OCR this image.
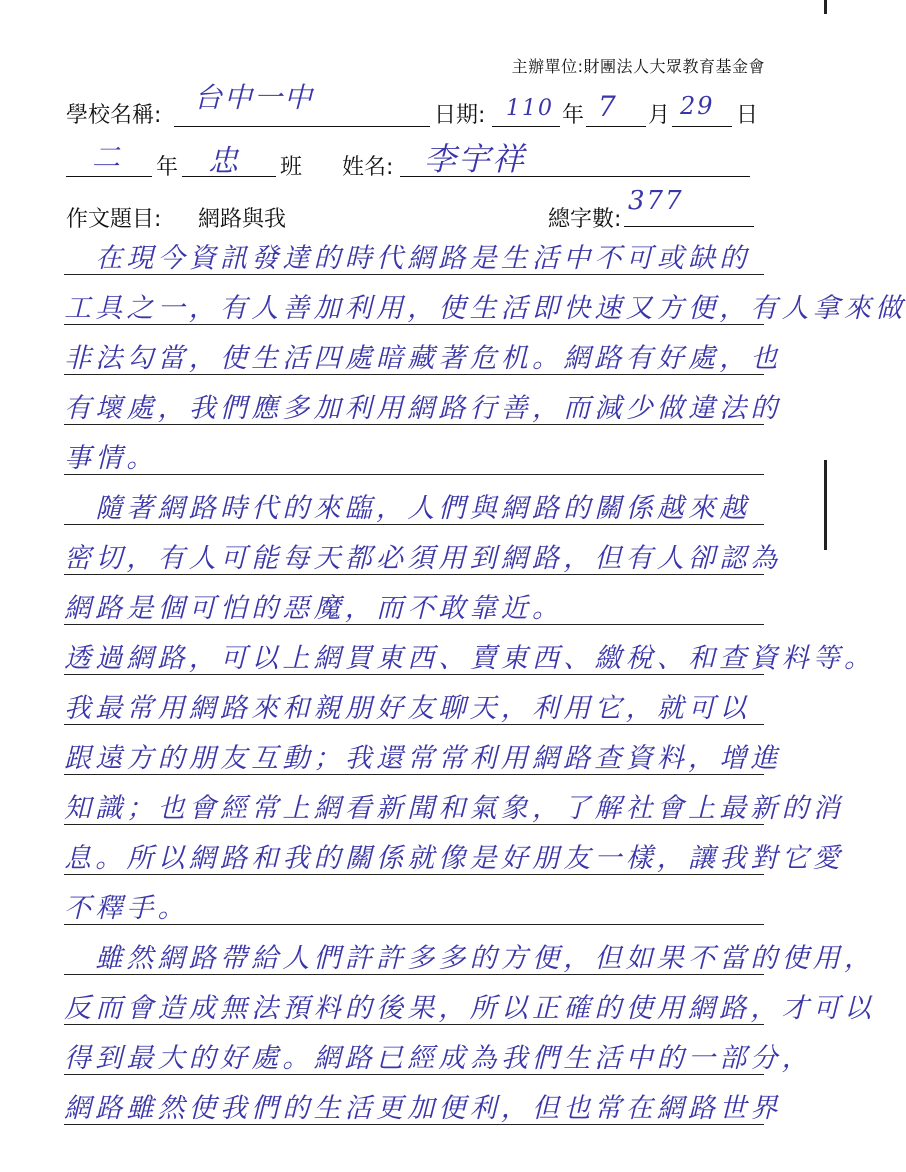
主辦單位:財團法人大眾教育基金會
學校名稱:
台中一中
日期: 110 年 7 月 29 日
二 年 忠 班 姓名: 李宇祥
作文題目: 網路與我	總字數:
377
　在現今資訊發達的時代網路是生活中不可或缺的
工具之一，有人善加利用，使生活即快速又方便，有人拿來做
非法勾當，使生活四處暗藏著危机。網路有好處，也
有壞處，我們應多加利用網路行善，而減少做違法的
事情。
　隨著網路時代的來臨，人們與網路的關係越來越
密切，有人可能每天都必須用到網路，但有人卻認為
網路是個可怕的惡魔，而不敢靠近。
透過網路，可以上網買東西、賣東西、繳稅、和查資料等。
我最常用網路來和親朋好友聊天，利用它，就可以
跟遠方的朋友互動；我還常常利用網路查資料，增進
知識；也會經常上網看新聞和氣象，了解社會上最新的消
息。所以網路和我的關係就像是好朋友一樣，讓我對它愛
不釋手。
　雖然網路帶給人們許許多多的方便，但如果不當的使用，
反而會造成無法預料的後果，所以正確的使用網路，才可以
得到最大的好處。網路已經成為我們生活中的一部分，
網路雖然使我們的生活更加便利，但也常在網路世界
